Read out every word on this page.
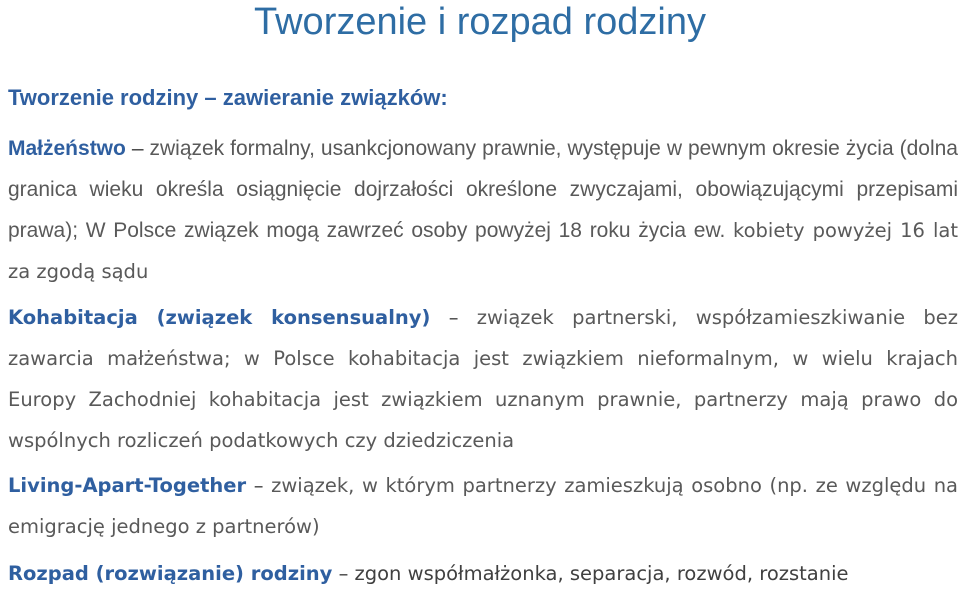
Tworzenie i rozpad rodziny
Tworzenie rodziny – zawieranie związków:
Małżeństwo – związek formalny, usankcjonowany prawnie, występuje w pewnym okresie życia (dolna granica wieku określa osiągnięcie dojrzałości określone zwyczajami, obowiązującymi przepisami prawa); W Polsce związek mogą zawrzeć osoby powyżej 18 roku życia ew. kobiety powyżej 16 lat za zgodą sądu
Kohabitacja (związek konsensualny) – związek partnerski, współzamieszkiwanie bez zawarcia małżeństwa; w Polsce kohabitacja jest związkiem nieformalnym, w wielu krajach Europy Zachodniej kohabitacja jest związkiem uznanym prawnie, partnerzy mają prawo do wspólnych rozliczeń podatkowych czy dziedziczenia
Living-Apart-Together – związek, w którym partnerzy zamieszkują osobno (np. ze względu na emigrację jednego z partnerów)
Rozpad (rozwiązanie) rodziny – zgon współmałżonka, separacja, rozwód, rozstanie
